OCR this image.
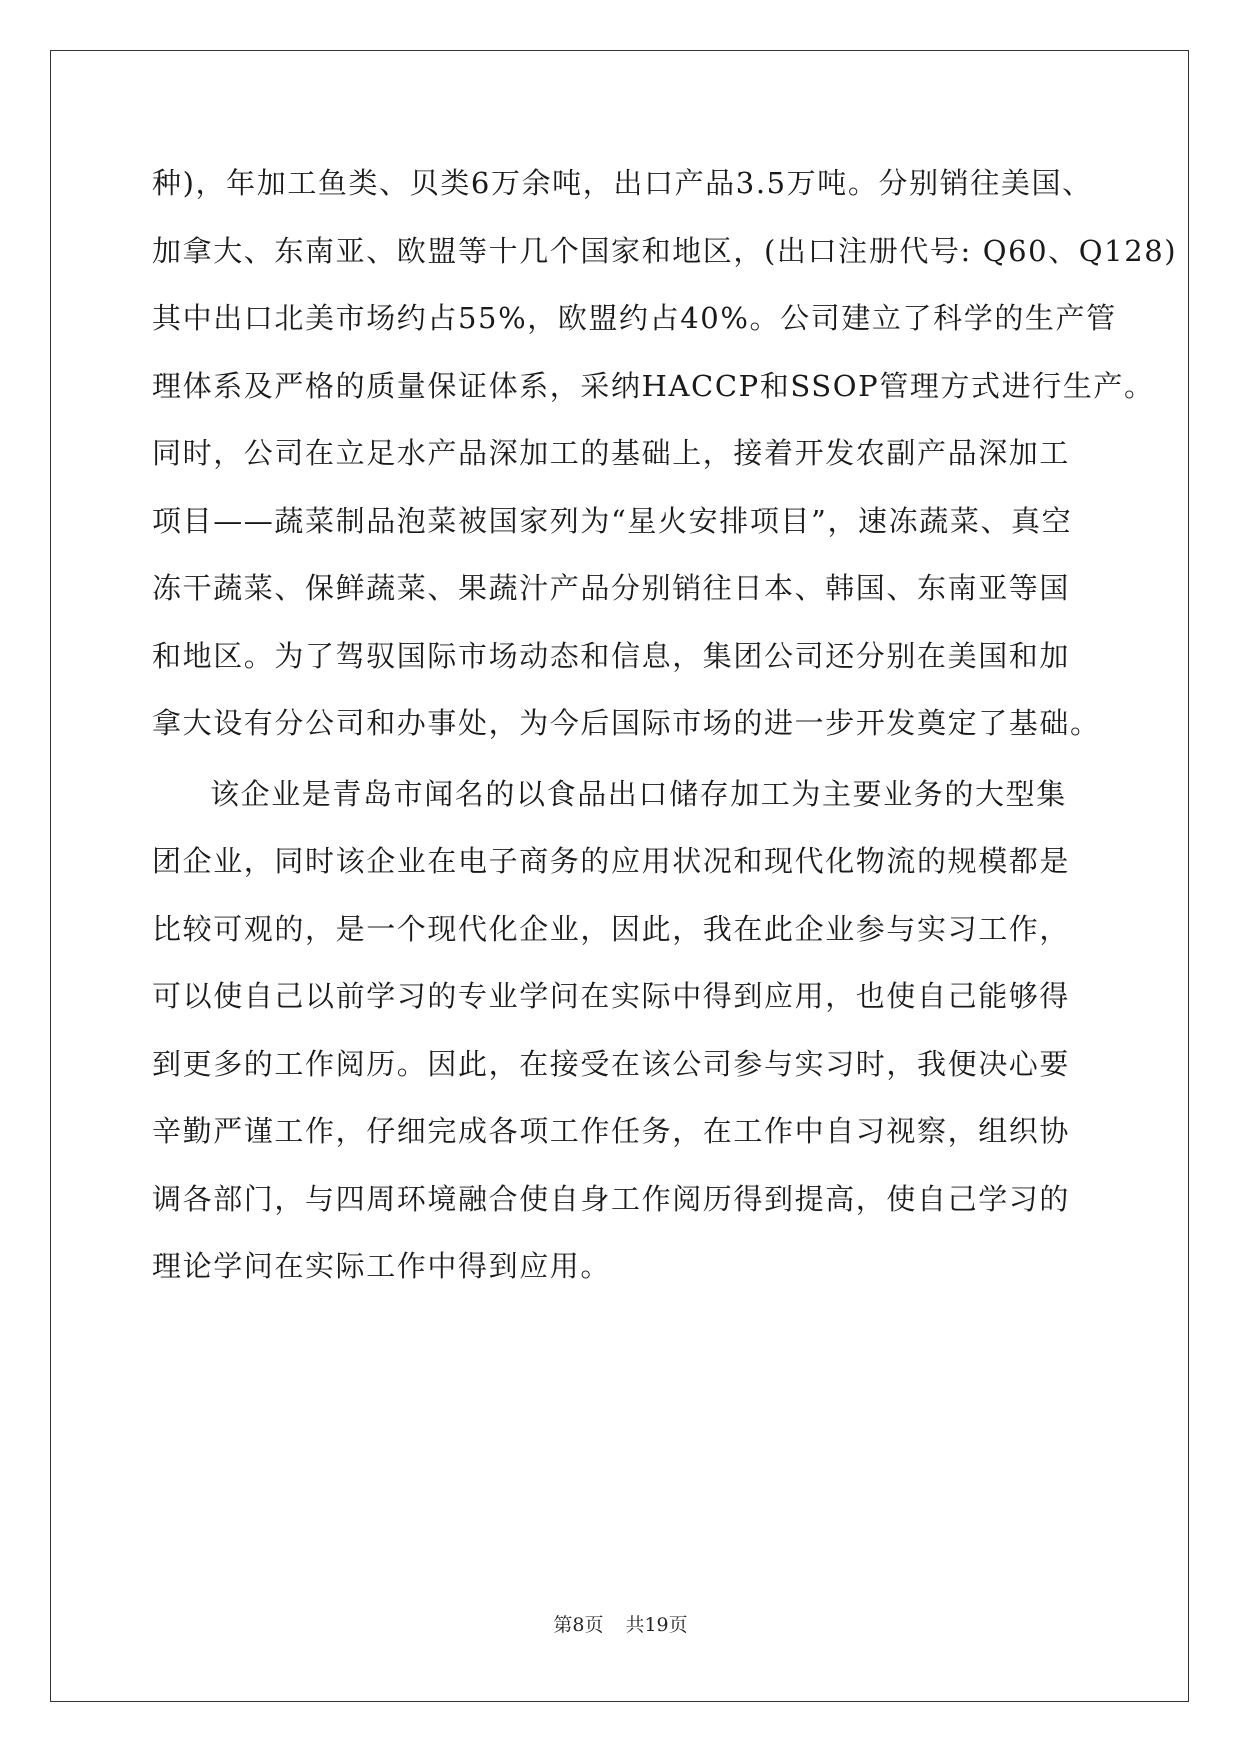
种)，年加工鱼类、贝类6万余吨，出口产品3.5万吨。分别销往美国、
加拿大、东南亚、欧盟等十几个国家和地区，(出口注册代号: Q60、Q128)
其中出口北美市场约占55%，欧盟约占40%。公司建立了科学的生产管
理体系及严格的质量保证体系，采纳HACCP和SSOP管理方式进行生产。
同时，公司在立足水产品深加工的基础上，接着开发农副产品深加工
项目——蔬菜制品泡菜被国家列为“星火安排项目”，速冻蔬菜、真空
冻干蔬菜、保鲜蔬菜、果蔬汁产品分别销往日本、韩国、东南亚等国
和地区。为了驾驭国际市场动态和信息，集团公司还分别在美国和加
拿大设有分公司和办事处，为今后国际市场的进一步开发奠定了基础。
该企业是青岛市闻名的以食品出口储存加工为主要业务的大型集
团企业，同时该企业在电子商务的应用状况和现代化物流的规模都是
比较可观的，是一个现代化企业，因此，我在此企业参与实习工作，
可以使自己以前学习的专业学问在实际中得到应用，也使自己能够得
到更多的工作阅历。因此，在接受在该公司参与实习时，我便决心要
辛勤严谨工作，仔细完成各项工作任务，在工作中自习视察，组织协
调各部门，与四周环境融合使自身工作阅历得到提高，使自己学习的
理论学问在实际工作中得到应用。
第8页 共19页
